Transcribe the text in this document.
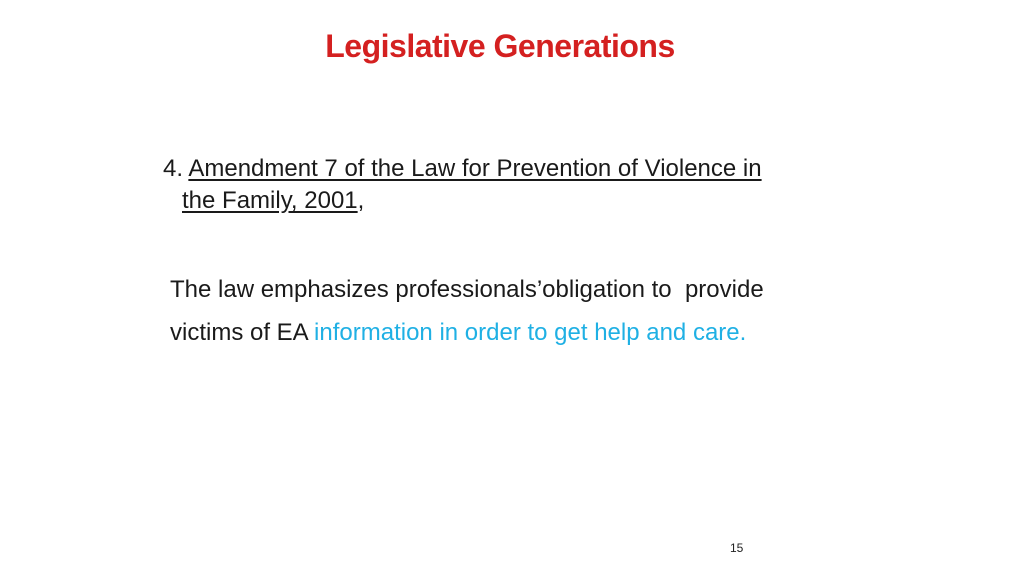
Legislative Generations
4. Amendment 7 of the Law for Prevention of Violence in
the Family, 2001,
The law emphasizes professionals’obligation to  provide
victims of EA information in order to get help and care.
15
